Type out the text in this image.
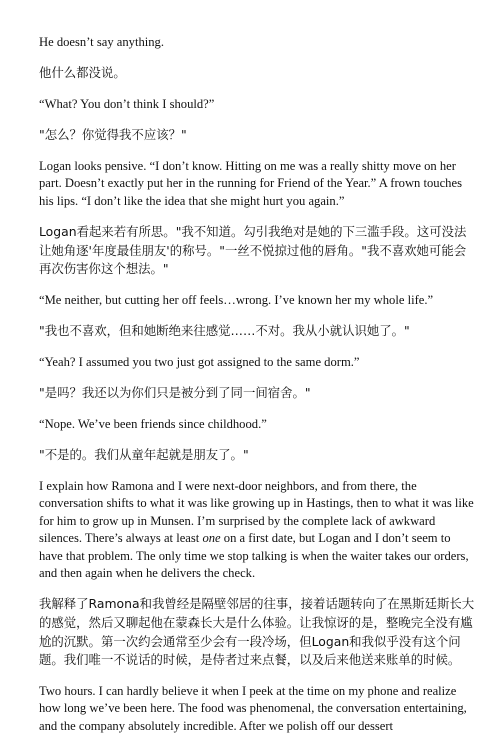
He doesn’t say anything.

他什么都没说。

“What? You don’t think I should?”

"怎么？你觉得我不应该？"

Logan looks pensive. “I don’t know. Hitting on me was a really shitty move on her part. Doesn’t exactly put her in the running for Friend of the Year.” A frown touches his lips. “I don’t like the idea that she might hurt you again.”

Logan看起来若有所思。"我不知道。勾引我绝对是她的下三滥手段。这可没法让她角逐'年度最佳朋友'的称号。"一丝不悦掠过他的唇角。"我不喜欢她可能会再次伤害你这个想法。"

“Me neither, but cutting her off feels…wrong. I’ve known her my whole life.”

"我也不喜欢，但和她断绝来往感觉……不对。我从小就认识她了。"

“Yeah? I assumed you two just got assigned to the same dorm.”

"是吗？我还以为你们只是被分到了同一间宿舍。"

“Nope. We’ve been friends since childhood.”

"不是的。我们从童年起就是朋友了。"

I explain how Ramona and I were next-door neighbors, and from there, the conversation shifts to what it was like growing up in Hastings, then to what it was like for him to grow up in Munsen. I’m surprised by the complete lack of awkward silences. There’s always at least one on a first date, but Logan and I don’t seem to have that problem. The only time we stop talking is when the waiter takes our orders, and then again when he delivers the check.

我解释了Ramona和我曾经是隔壁邻居的往事，接着话题转向了在黑斯廷斯长大的感觉，然后又聊起他在蒙森长大是什么体验。让我惊讶的是，整晚完全没有尴尬的沉默。第一次约会通常至少会有一段冷场，但Logan和我似乎没有这个问题。我们唯一不说话的时候，是侍者过来点餐，以及后来他送来账单的时候。

Two hours. I can hardly believe it when I peek at the time on my phone and realize how long we’ve been here. The food was phenomenal, the conversation entertaining, and the company absolutely incredible. After we polish off our dessert
